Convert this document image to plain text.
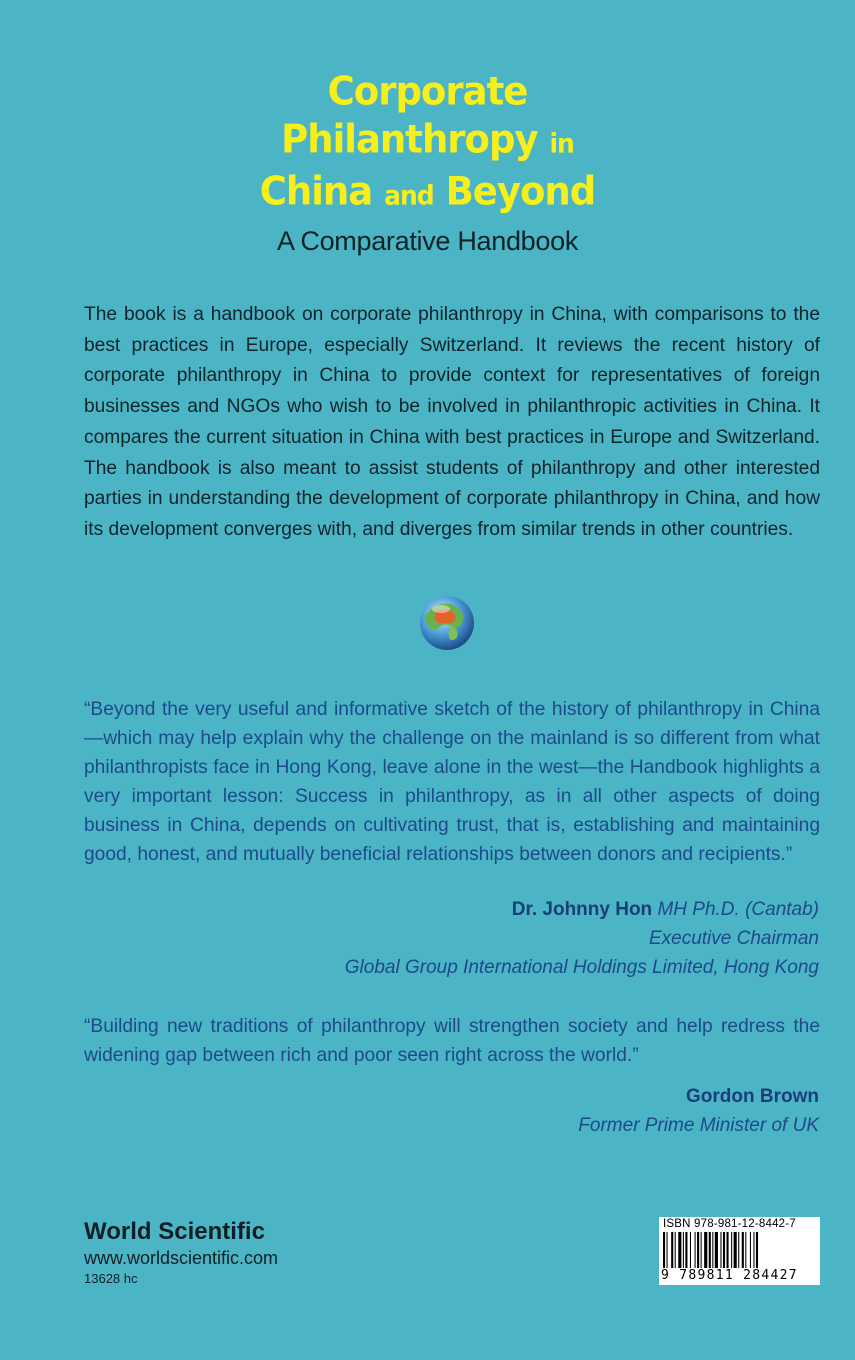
Corporate
Philanthropy in
China and Beyond
A Comparative Handbook

The book is a handbook on corporate philanthropy in China, with comparisons to the best practices in Europe, especially Switzerland. It reviews the recent history of corporate philanthropy in China to provide context for representatives of foreign businesses and NGOs who wish to be involved in philanthropic activities in China. It compares the current situation in China with best practices in Europe and Switzerland. The handbook is also meant to assist students of philanthropy and other interested parties in understanding the development of corporate philanthropy in China, and how its development converges with, and diverges from similar trends in other countries.

“Beyond the very useful and informative sketch of the history of philanthropy in China—which may help explain why the challenge on the mainland is so different from what philanthropists face in Hong Kong, leave alone in the west—the Handbook highlights a very important lesson: Success in philanthropy, as in all other aspects of doing business in China, depends on cultivating trust, that is, establishing and maintaining good, honest, and mutually beneficial relationships between donors and recipients.”

Dr. Johnny Hon MH Ph.D. (Cantab)
Executive Chairman
Global Group International Holdings Limited, Hong Kong

“Building new traditions of philanthropy will strengthen society and help redress the widening gap between rich and poor seen right across the world.”

Gordon Brown
Former Prime Minister of UK
World Scientific
www.worldscientific.com
13628 hc
ISBN 978-981-12-8442-7
9 789811 284427
